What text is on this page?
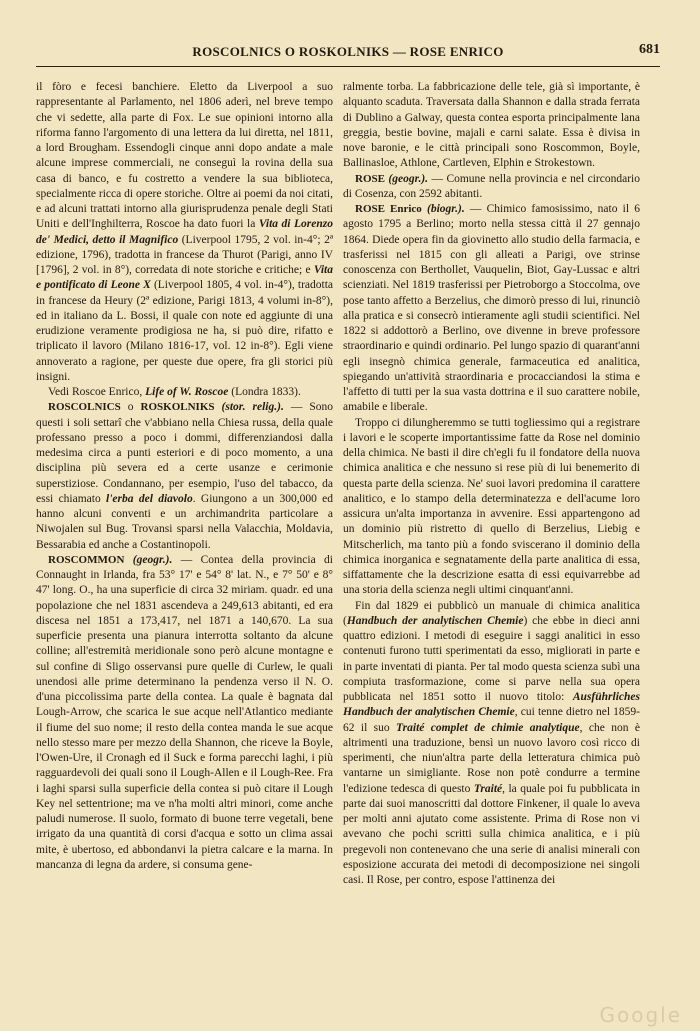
ROSCOLNICS O ROSKOLNIKS — ROSE ENRICO	681

il fòro e fecesi banchiere. Eletto da Liverpool a suo rappresentante al Parlamento, nel 1806 aderì, nel breve tempo che vi sedette, alla parte di Fox. Le sue opinioni intorno alla riforma fanno l'argomento di una lettera da lui diretta, nel 1811, a lord Brougham. Essendogli cinque anni dopo andate a male alcune imprese commerciali, ne conseguì la rovina della sua casa di banco, e fu costretto a vendere la sua biblioteca, specialmente ricca di opere storiche. Oltre ai poemi da noi citati, e ad alcuni trattati intorno alla giurisprudenza penale degli Stati Uniti e dell'Inghilterra, Roscoe ha dato fuori la Vita di Lorenzo de' Medici, detto il Magnifico (Liverpool 1795, 2 vol. in-4°; 2ª edizione, 1796), tradotta in francese da Thurot (Parigi, anno IV [1796], 2 vol. in 8°), corredata di note storiche e critiche; e Vita e pontificato di Leone X (Liverpool 1805, 4 vol. in-4°), tradotta in francese da Heury (2ª edizione, Parigi 1813, 4 volumi in-8°), ed in italiano da L. Bossi, il quale con note ed aggiunte di una erudizione veramente prodigiosa ne ha, si può dire, rifatto e triplicato il lavoro (Milano 1816-17, vol. 12 in-8°). Egli viene annoverato a ragione, per queste due opere, fra gli storici più insigni.

Vedi Roscoe Enrico, Life of W. Roscoe (Londra 1833).

ROSCOLNICS o ROSKOLNIKS (stor. relig.). — Sono questi i soli settarî che v'abbiano nella Chiesa russa, della quale professano presso a poco i dommi, differenziandosi dalla medesima circa a punti esteriori e di poco momento, a una disciplina più severa ed a certe usanze e cerimonie superstiziose. Condannano, per esempio, l'uso del tabacco, da essi chiamato l'erba del diavolo. Giungono a un 300,000 ed hanno alcuni conventi e un archimandrita particolare a Niwojalen sul Bug. Trovansi sparsi nella Valacchia, Moldavia, Bessarabia ed anche a Costantinopoli.

ROSCOMMON (geogr.). — Contea della provincia di Connaught in Irlanda, fra 53° 17' e 54° 8' lat. N., e 7° 50' e 8° 47' long. O., ha una superficie di circa 32 miriam. quadr. ed una popolazione che nel 1831 ascendeva a 249,613 abitanti, ed era discesa nel 1851 a 173,417, nel 1871 a 140,670. La sua superficie presenta una pianura interrotta soltanto da alcune colline; all'estremità meridionale sono però alcune montagne e sul confine di Sligo osservansi pure quelle di Curlew, le quali unendosi alle prime determinano la pendenza verso il N. O. d'una piccolissima parte della contea. La quale è bagnata dal Lough-Arrow, che scarica le sue acque nell'Atlantico mediante il fiume del suo nome; il resto della contea manda le sue acque nello stesso mare per mezzo della Shannon, che riceve la Boyle, l'Owen-Ure, il Cronagh ed il Suck e forma parecchi laghi, i più ragguardevoli dei quali sono il Lough-Allen e il Lough-Ree. Fra i laghi sparsi sulla superficie della contea si può citare il Lough Key nel settentrione; ma ve n'ha molti altri minori, come anche paludi numerose. Il suolo, formato di buone terre vegetali, bene irrigato da una quantità di corsi d'acqua e sotto un clima assai mite, è ubertoso, ed abbondanvi la pietra calcare e la marna. In mancanza di legna da ardere, si consuma gene-

ralmente torba. La fabbricazione delle tele, già sì importante, è alquanto scaduta. Traversata dalla Shannon e dalla strada ferrata di Dublino a Galway, questa contea esporta principalmente lana greggia, bestie bovine, majali e carni salate. Essa è divisa in nove baronie, e le città principali sono Roscommon, Boyle, Ballinasloe, Athlone, Cartleven, Elphin e Strokestown.

ROSE (geogr.). — Comune nella provincia e nel circondario di Cosenza, con 2592 abitanti.

ROSE Enrico (biogr.). — Chimico famosissimo, nato il 6 agosto 1795 a Berlino; morto nella stessa città il 27 gennajo 1864. Diede opera fin da giovinetto allo studio della farmacia, e trasferissi nel 1815 con gli alleati a Parigi, ove strinse conoscenza con Berthollet, Vauquelin, Biot, Gay-Lussac e altri scienziati. Nel 1819 trasferissi per Pietroborgo a Stoccolma, ove pose tanto affetto a Berzelius, che dimorò presso di lui, rinunciò alla pratica e si consecrò intieramente agli studii scientifici. Nel 1822 si addottorò a Berlino, ove divenne in breve professore straordinario e quindi ordinario. Pel lungo spazio di quarant'anni egli insegnò chimica generale, farmaceutica ed analitica, spiegando un'attività straordinaria e procacciandosi la stima e l'affetto di tutti per la sua vasta dottrina e il suo carattere nobile, amabile e liberale.

Troppo ci dilungheremmo se tutti togliessimo qui a registrare i lavori e le scoperte importantissime fatte da Rose nel dominio della chimica. Ne basti il dire ch'egli fu il fondatore della nuova chimica analitica e che nessuno si rese più di lui benemerito di questa parte della scienza. Ne' suoi lavori predomina il carattere analitico, e lo stampo della determinatezza e dell'acume loro assicura un'alta importanza in avvenire. Essi appartengono ad un dominio più ristretto di quello di Berzelius, Liebig e Mitscherlich, ma tanto più a fondo sviscerano il dominio della chimica inorganica e segnatamente della parte analitica di essa, siffattamente che la descrizione esatta di essi equivarrebbe ad una storia della scienza negli ultimi cinquant'anni.

Fin dal 1829 ei pubblicò un manuale di chimica analitica (Handbuch der analytischen Chemie) che ebbe in dieci anni quattro edizioni. I metodi di eseguire i saggi analitici in esso contenuti furono tutti sperimentati da esso, migliorati in parte e in parte inventati di pianta. Per tal modo questa scienza subì una compiuta trasformazione, come si parve nella sua opera pubblicata nel 1851 sotto il nuovo titolo: Ausführliches Handbuch der analytischen Chemie, cui tenne dietro nel 1859-62 il suo Traité complet de chimie analytique, che non è altrimenti una traduzione, bensì un nuovo lavoro così ricco di sperimenti, che niun'altra parte della letteratura chimica può vantarne un simigliante. Rose non potè condurre a termine l'edizione tedesca di questo Traité, la quale poi fu pubblicata in parte dai suoi manoscritti dal dottore Finkener, il quale lo aveva per molti anni ajutato come assistente. Prima di Rose non vi avevano che pochi scritti sulla chimica analitica, e i più pregevoli non contenevano che una serie di analisi minerali con esposizione accurata dei metodi di decomposizione nei singoli casi. Il Rose, per contro, espose l'attinenza dei

Google
